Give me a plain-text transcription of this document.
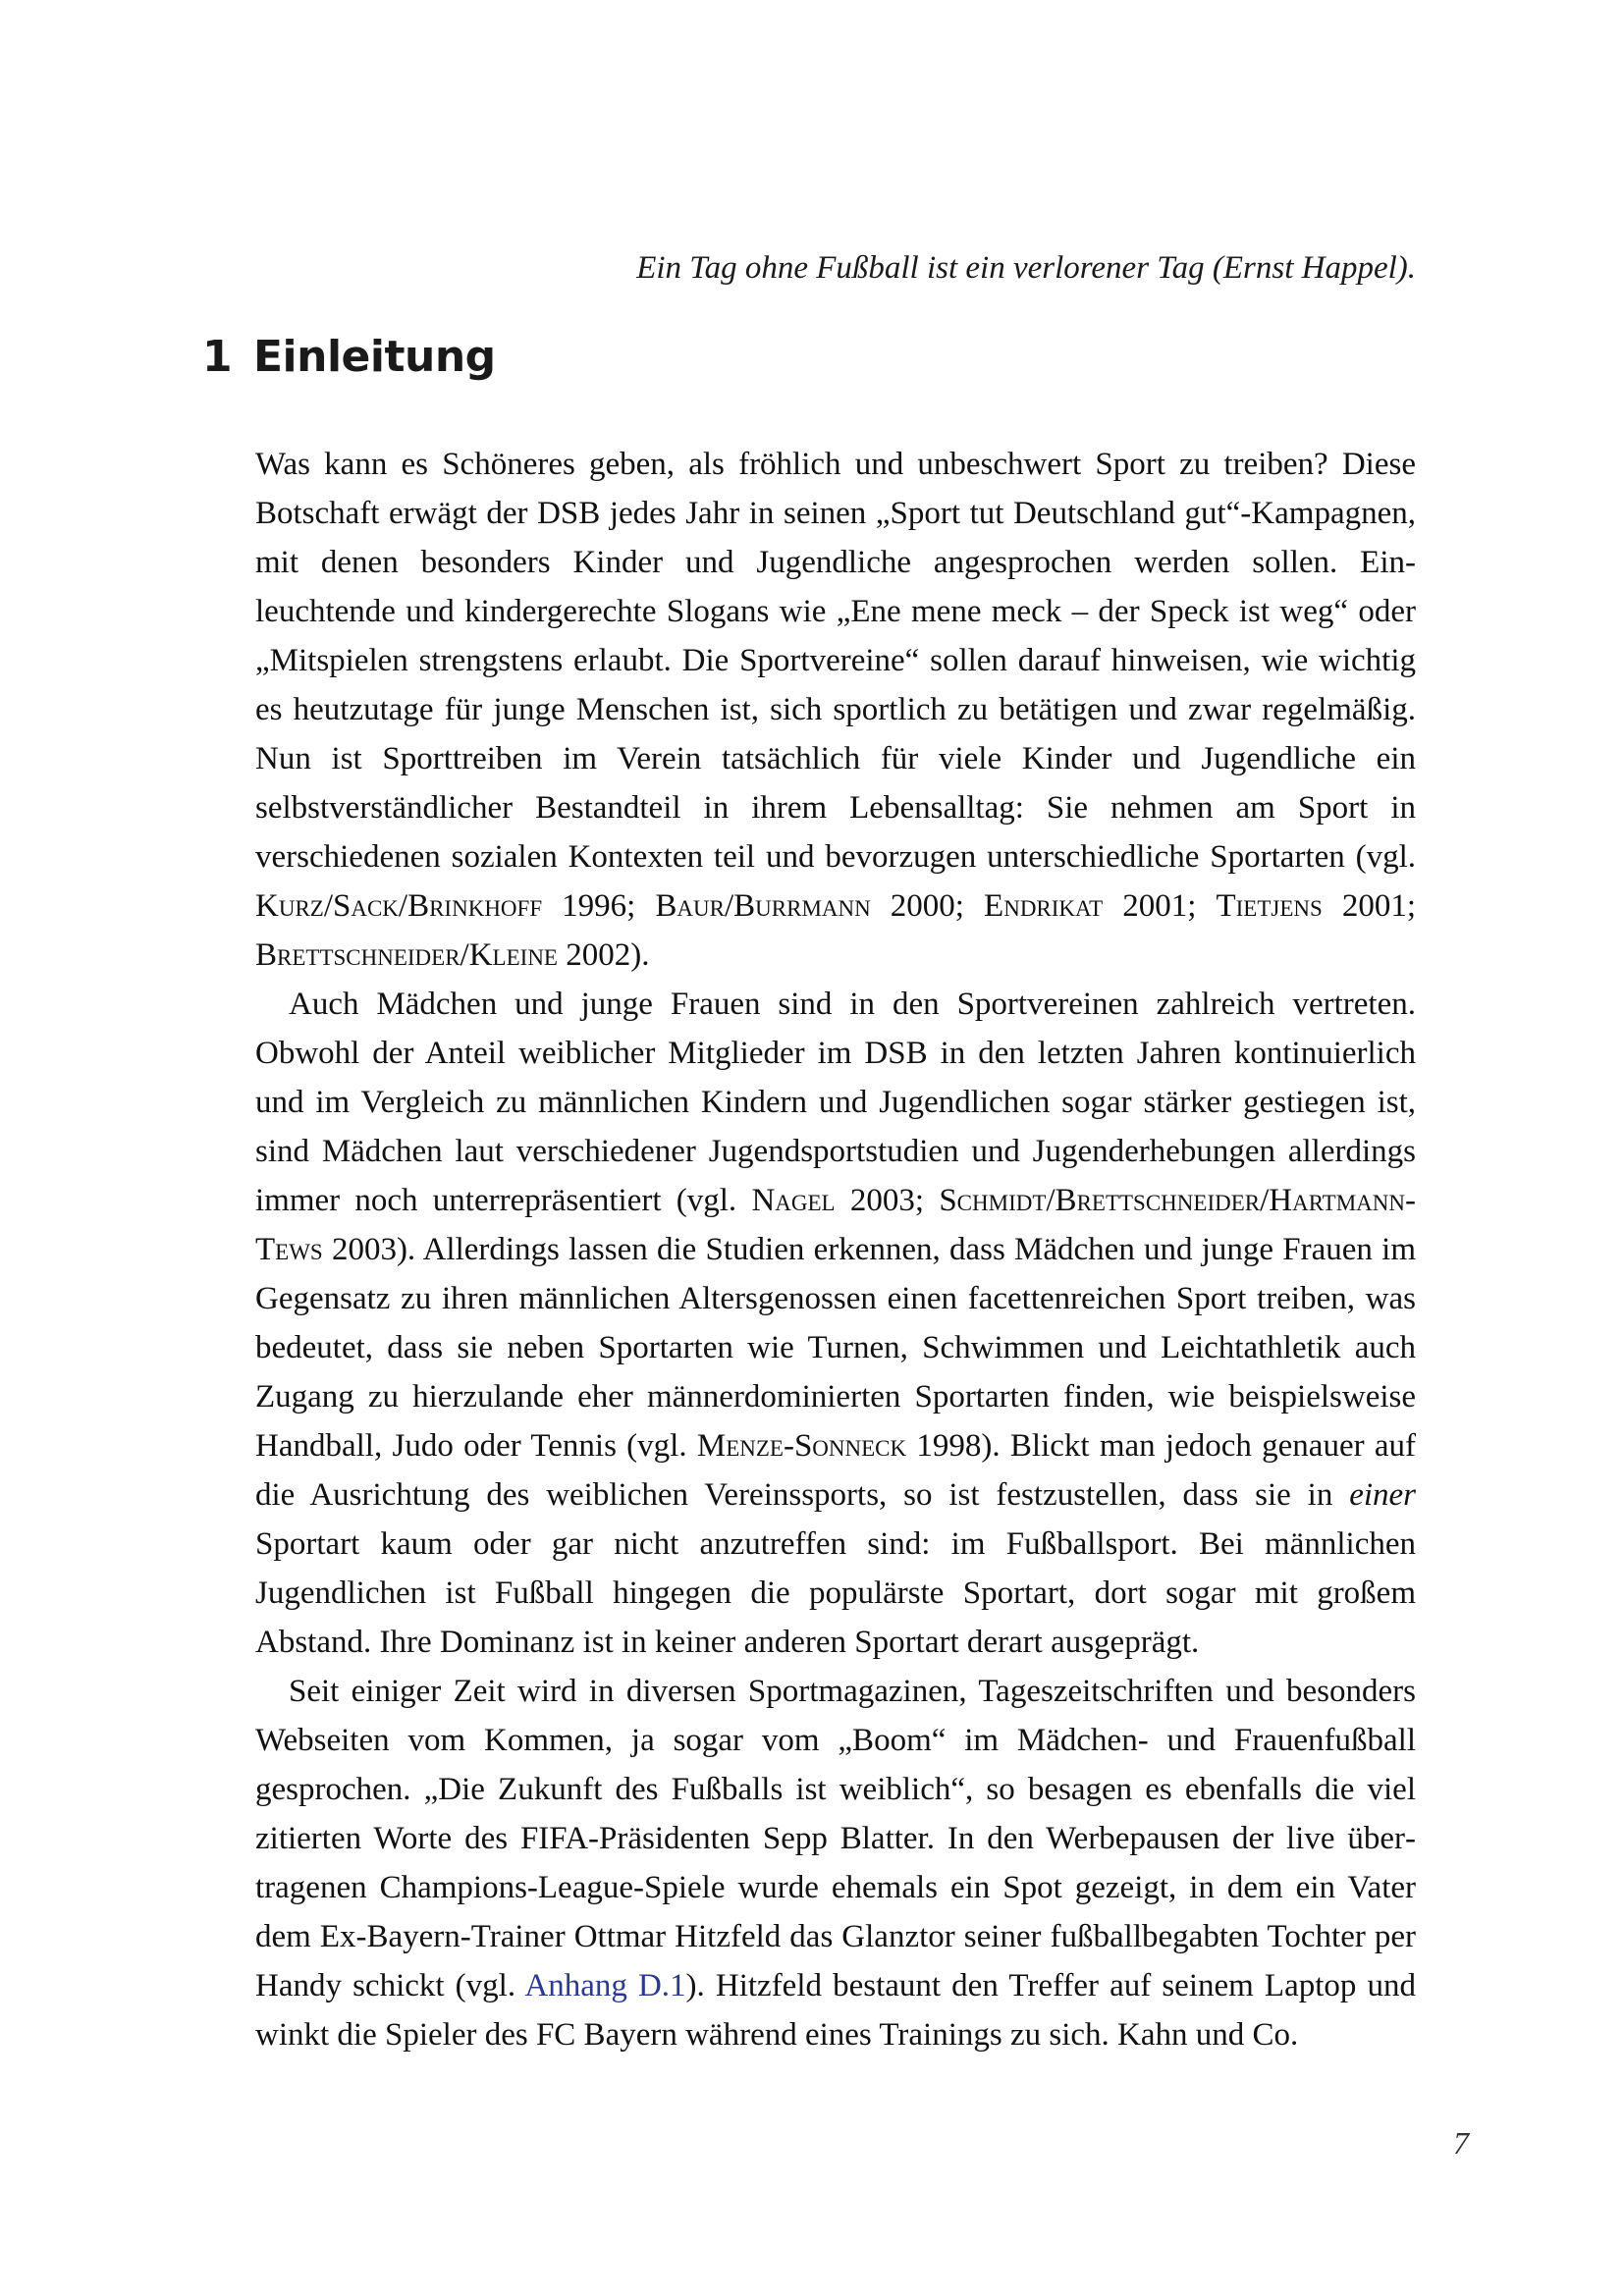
Ein Tag ohne Fußball ist ein verlorener Tag (Ernst Happel).
1 Einleitung

Was kann es Schöneres geben, als fröhlich und unbeschwert Sport zu treiben? Diese Botschaft erwägt der DSB jedes Jahr in seinen „Sport tut Deutschland gut“-Kampagnen, mit denen besonders Kinder und Jugendliche angesprochen werden sollen. Einleuchtende und kindergerechte Slogans wie „Ene mene meck – der Speck ist weg“ oder „Mitspielen strengstens erlaubt. Die Sportvereine“ sollen darauf hinweisen, wie wichtig es heutzutage für junge Menschen ist, sich sportlich zu betätigen und zwar regelmäßig. Nun ist Sporttreiben im Verein tatsächlich für viele Kinder und Jugendliche ein selbstverständlicher Bestandteil in ihrem Lebensalltag: Sie nehmen am Sport in verschiedenen sozialen Kontexten teil und bevorzugen unterschiedliche Sportarten (vgl. Kurz/Sack/Brinkhoff 1996; Baur/Burrmann 2000; Endrikat 2001; Tietjens 2001; Brettschneider/Kleine 2002).

Auch Mädchen und junge Frauen sind in den Sportvereinen zahlreich vertreten. Obwohl der Anteil weiblicher Mitglieder im DSB in den letzten Jahren kontinuierlich und im Vergleich zu männlichen Kindern und Jugendlichen sogar stärker gestiegen ist, sind Mädchen laut verschiedener Jugendsportstudien und Jugenderhebungen allerdings immer noch unterrepräsentiert (vgl. Nagel 2003; Schmidt/Brettschneider/Hartmann-Tews 2003). Allerdings lassen die Studien erkennen, dass Mädchen und junge Frauen im Gegensatz zu ihren männlichen Altersgenossen einen facettenreichen Sport treiben, was bedeutet, dass sie neben Sportarten wie Turnen, Schwimmen und Leichtathletik auch Zugang zu hierzulande eher männerdominierten Sportarten finden, wie beispielsweise Handball, Judo oder Tennis (vgl. Menze-Sonneck 1998). Blickt man jedoch genauer auf die Ausrichtung des weiblichen Vereinssports, so ist festzustellen, dass sie in einer Sportart kaum oder gar nicht anzutreffen sind: im Fußballsport. Bei männlichen Jugendlichen ist Fußball hingegen die populärste Sportart, dort sogar mit großem Abstand. Ihre Dominanz ist in keiner anderen Sportart derart ausgeprägt.

Seit einiger Zeit wird in diversen Sportmagazinen, Tageszeitschriften und besonders Webseiten vom Kommen, ja sogar vom „Boom“ im Mädchen- und Frauenfußball gesprochen. „Die Zukunft des Fußballs ist weiblich“, so besagen es ebenfalls die viel zitierten Worte des FIFA-Präsidenten Sepp Blatter. In den Werbepausen der live übertragenen Champions-League-Spiele wurde ehemals ein Spot gezeigt, in dem ein Vater dem Ex-Bayern-Trainer Ottmar Hitzfeld das Glanztor seiner fußballbegabten Tochter per Handy schickt (vgl. Anhang D.1). Hitzfeld bestaunt den Treffer auf seinem Laptop und winkt die Spieler des FC Bayern während eines Trainings zu sich. Kahn und Co.

7
